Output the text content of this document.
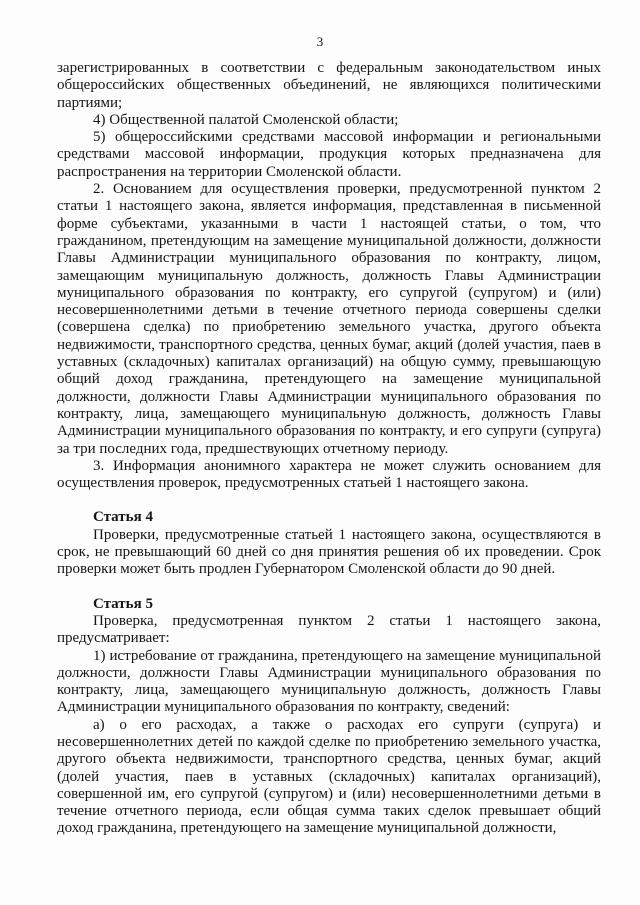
3

зарегистрированных в соответствии с федеральным законодательством иных общероссийских общественных объединений, не являющихся политическими партиями;

4) Общественной палатой Смоленской области;

5) общероссийскими средствами массовой информации и региональными средствами массовой информации, продукция которых предназначена для распространения на территории Смоленской области.

2. Основанием для осуществления проверки, предусмотренной пунктом 2 статьи 1 настоящего закона, является информация, представленная в письменной форме субъектами, указанными в части 1 настоящей статьи, о том, что гражданином, претендующим на замещение муниципальной должности, должности Главы Администрации муниципального образования по контракту, лицом, замещающим муниципальную должность, должность Главы Администрации муниципального образования по контракту, его супругой (супругом) и (или) несовершеннолетними детьми в течение отчетного периода совершены сделки (совершена сделка) по приобретению земельного участка, другого объекта недвижимости, транспортного средства, ценных бумаг, акций (долей участия, паев в уставных (складочных) капиталах организаций) на общую сумму, превышающую общий доход гражданина, претендующего на замещение муниципальной должности, должности Главы Администрации муниципального образования по контракту, лица, замещающего муниципальную должность, должность Главы Администрации муниципального образования по контракту, и его супруги (супруга) за три последних года, предшествующих отчетному периоду.

3. Информация анонимного характера не может служить основанием для осуществления проверок, предусмотренных статьей 1 настоящего закона.

Статья 4

Проверки, предусмотренные статьей 1 настоящего закона, осуществляются в срок, не превышающий 60 дней со дня принятия решения об их проведении. Срок проверки может быть продлен Губернатором Смоленской области до 90 дней.

Статья 5

Проверка, предусмотренная пунктом 2 статьи 1 настоящего закона, предусматривает:

1) истребование от гражданина, претендующего на замещение муниципальной должности, должности Главы Администрации муниципального образования по контракту, лица, замещающего муниципальную должность, должность Главы Администрации муниципального образования по контракту, сведений:

а) о его расходах, а также о расходах его супруги (супруга) и несовершеннолетних детей по каждой сделке по приобретению земельного участка, другого объекта недвижимости, транспортного средства, ценных бумаг, акций (долей участия, паев в уставных (складочных) капиталах организаций), совершенной им, его супругой (супругом) и (или) несовершеннолетними детьми в течение отчетного периода, если общая сумма таких сделок превышает общий доход гражданина, претендующего на замещение муниципальной должности,
